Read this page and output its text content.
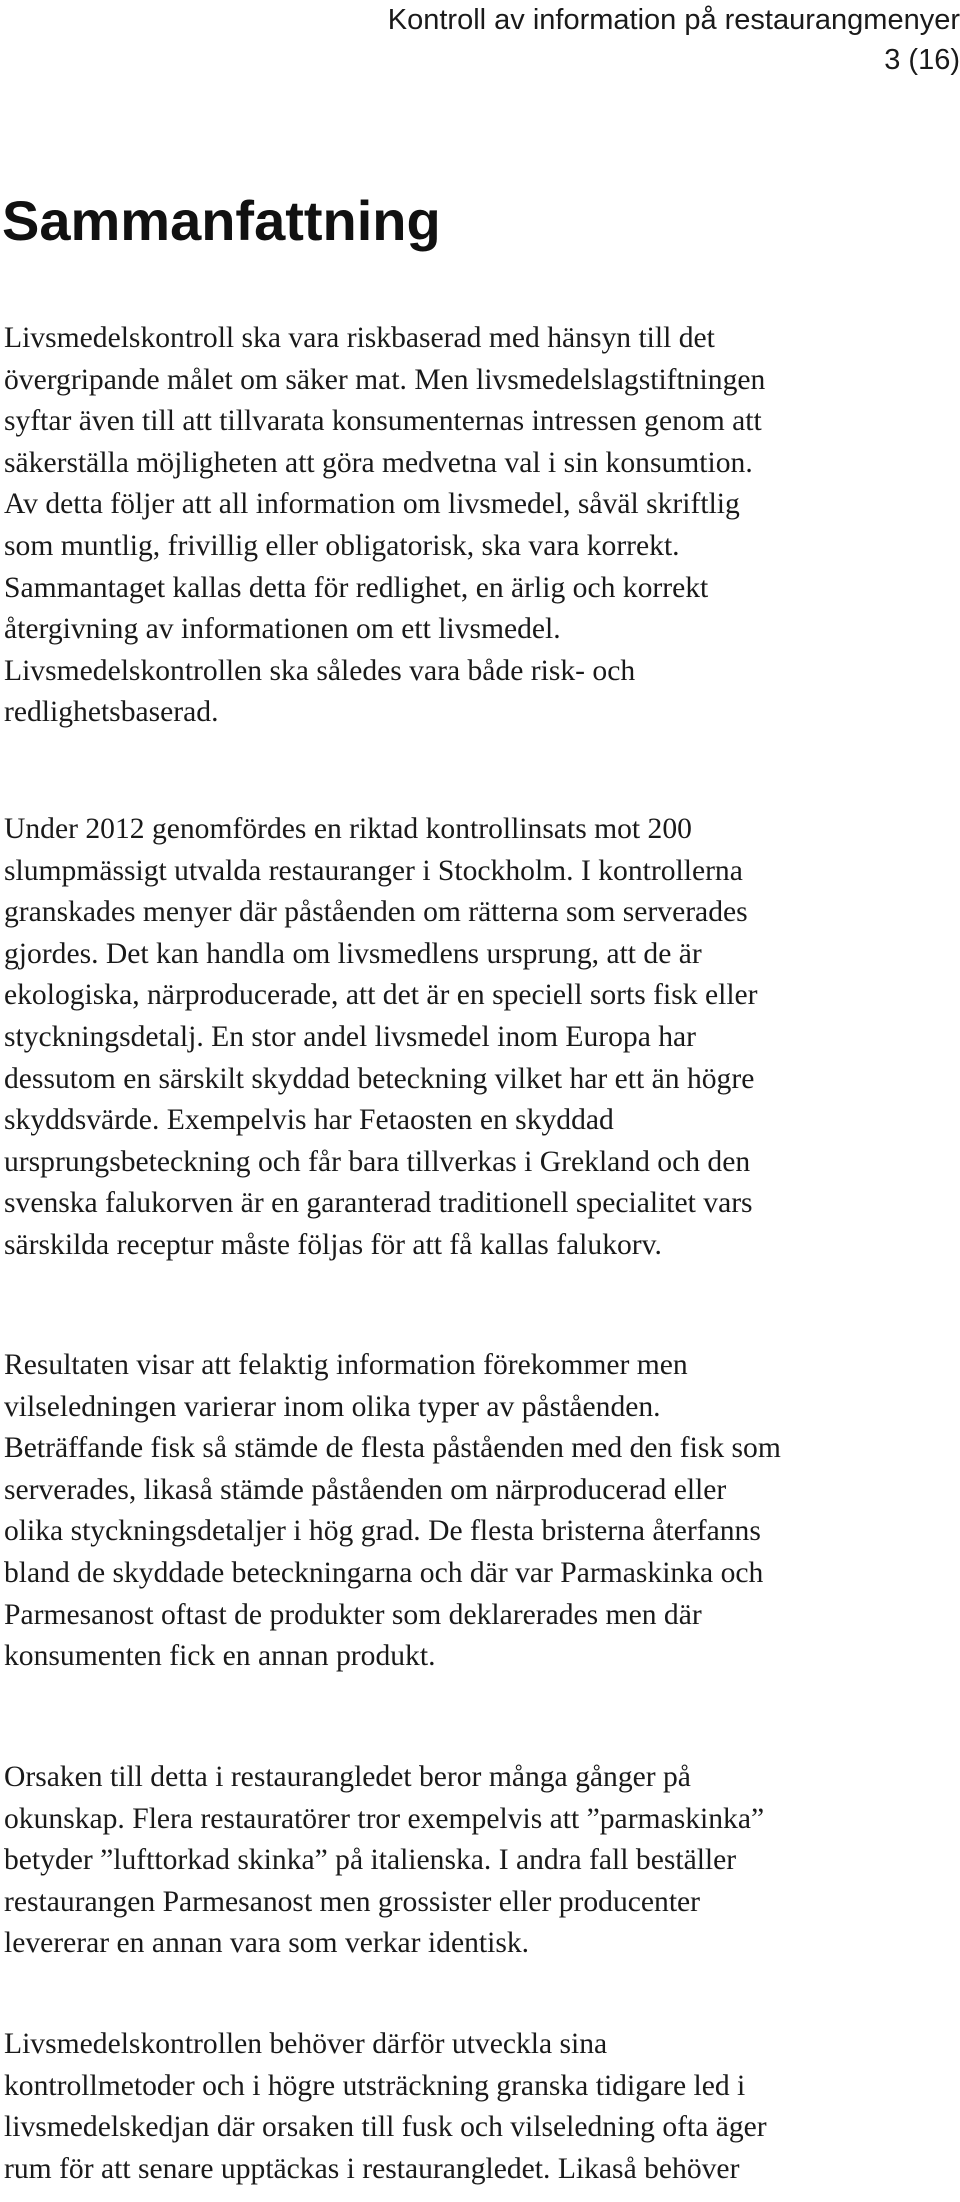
Kontroll av information på restaurangmenyer
3 (16)
Sammanfattning
Livsmedelskontroll ska vara riskbaserad med hänsyn till det
övergripande målet om säker mat. Men livsmedelslagstiftningen
syftar även till att tillvarata konsumenternas intressen genom att
säkerställa möjligheten att göra medvetna val i sin konsumtion.
Av detta följer att all information om livsmedel, såväl skriftlig
som muntlig, frivillig eller obligatorisk, ska vara korrekt.
Sammantaget kallas detta för redlighet, en ärlig och korrekt
återgivning av informationen om ett livsmedel.
Livsmedelskontrollen ska således vara både risk- och
redlighetsbaserad.
Under 2012 genomfördes en riktad kontrollinsats mot 200
slumpmässigt utvalda restauranger i Stockholm. I kontrollerna
granskades menyer där påståenden om rätterna som serverades
gjordes. Det kan handla om livsmedlens ursprung, att de är
ekologiska, närproducerade, att det är en speciell sorts fisk eller
styckningsdetalj. En stor andel livsmedel inom Europa har
dessutom en särskilt skyddad beteckning vilket har ett än högre
skyddsvärde. Exempelvis har Fetaosten en skyddad
ursprungsbeteckning och får bara tillverkas i Grekland och den
svenska falukorven är en garanterad traditionell specialitet vars
särskilda receptur måste följas för att få kallas falukorv.
Resultaten visar att felaktig information förekommer men
vilseledningen varierar inom olika typer av påståenden.
Beträffande fisk så stämde de flesta påståenden med den fisk som
serverades, likaså stämde påståenden om närproducerad eller
olika styckningsdetaljer i hög grad. De flesta bristerna återfanns
bland de skyddade beteckningarna och där var Parmaskinka och
Parmesanost oftast de produkter som deklarerades men där
konsumenten fick en annan produkt.
Orsaken till detta i restaurangledet beror många gånger på
okunskap. Flera restauratörer tror exempelvis att ”parmaskinka”
betyder ”lufttorkad skinka” på italienska. I andra fall beställer
restaurangen Parmesanost men grossister eller producenter
levererar en annan vara som verkar identisk.
Livsmedelskontrollen behöver därför utveckla sina
kontrollmetoder och i högre utsträckning granska tidigare led i
livsmedelskedjan där orsaken till fusk och vilseledning ofta äger
rum för att senare upptäckas i restaurangledet. Likaså behöver
